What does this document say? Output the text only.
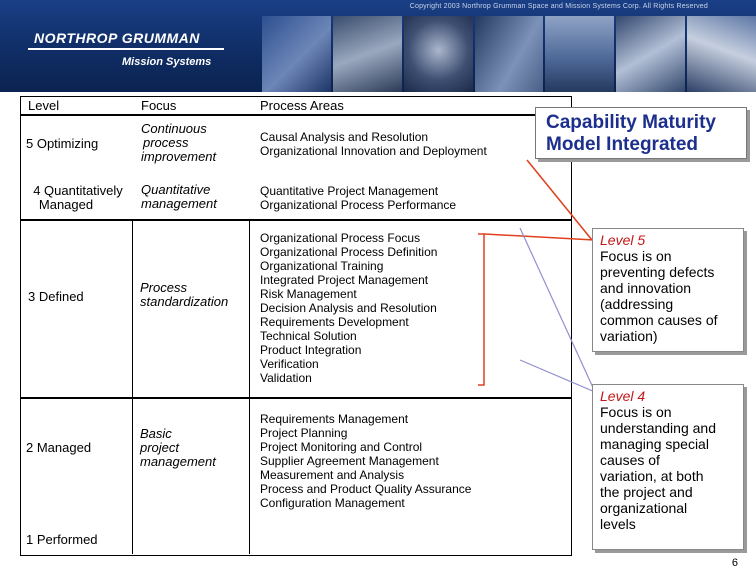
Copyright 2003 Northrop Grumman Space and Mission Systems Corp. All Rights Reserved
NORTHROP GRUMMAN
Mission Systems
Level	Focus	Process Areas
5 Optimizing
Continuous
process
improvement
Causal Analysis and Resolution
Organizational Innovation and Deployment
4 Quantitatively
Managed
Quantitative
management
Quantitative Project Management
Organizational Process Performance
3 Defined
Process
standardization
Organizational Process Focus
Organizational Process Definition
Organizational Training
Integrated Project Management
Risk Management
Decision Analysis and Resolution
Requirements Development
Technical Solution
Product Integration
Verification
Validation
2 Managed
Basic
project
management
Requirements Management
Project Planning
Project Monitoring and Control
Supplier Agreement Management
Measurement and Analysis
Process and Product Quality Assurance
Configuration Management
1 Performed
Capability Maturity
Model Integrated
Level 5
Focus is on
preventing defects
and innovation
(addressing
common causes of
variation)
Level 4
Focus is on
understanding and
managing special
causes of
variation, at both
the project and
organizational
levels
6
